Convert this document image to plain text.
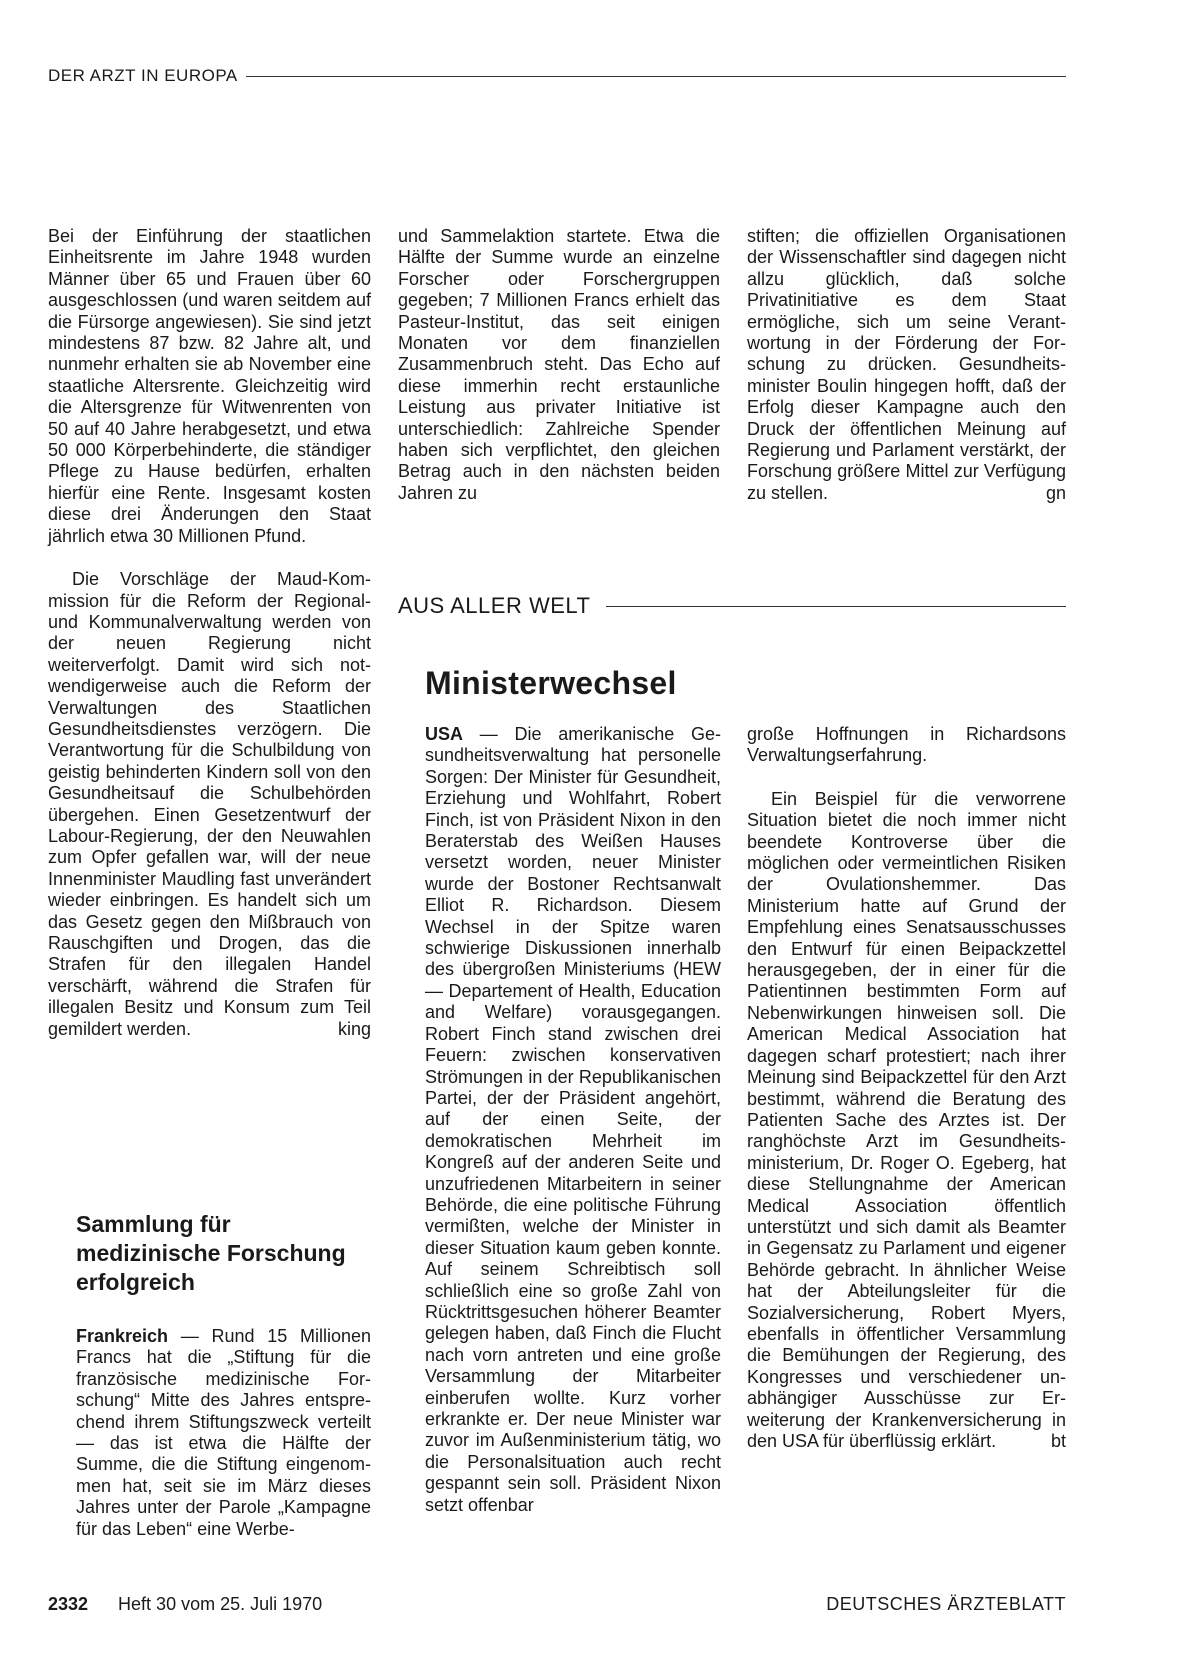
DER ARZT IN EUROPA

Bei der Einführung der staatlichen Einheitsrente im Jahre 1948 wurden Männer über 65 und Frauen über 60 ausgeschlossen (und waren seitdem auf die Fürsorge angewiesen). Sie sind jetzt mindestens 87 bzw. 82 Jahre alt, und nunmehr erhalten sie ab November eine staatliche Altersrente. Gleichzeitig wird die Altersgrenze für Witwenrenten von 50 auf 40 Jahre herabgesetzt, und etwa 50 000 Körperbehinderte, die ständiger Pflege zu Hause bedürfen, erhalten hierfür eine Rente. Insgesamt kosten diese drei Änderungen den Staat jährlich etwa 30 Millionen Pfund.

Die Vorschläge der Maud-Kommission für die Reform der Regional- und Kommunalverwaltung werden von der neuen Regierung nicht weiterverfolgt. Damit wird sich notwendigerweise auch die Reform der Verwaltungen des Staatlichen Gesundheitsdienstes verzögern. Die Verantwortung für die Schulbildung von geistig behinderten Kindern soll von den Gesundheitsauf die Schulbehörden übergehen. Einen Gesetzentwurf der Labour-Regierung, der den Neuwahlen zum Opfer gefallen war, will der neue Innenminister Maudling fast unverändert wieder einbringen. Es handelt sich um das Gesetz gegen den Mißbrauch von Rauschgiften und Drogen, das die Strafen für den illegalen Handel verschärft, während die Strafen für illegalen Besitz und Konsum zum Teil gemildert werden.	king

Sammlung für medizinische Forschung erfolgreich

Frankreich — Rund 15 Millionen Francs hat die „Stiftung für die französische medizinische Forschung“ Mitte des Jahres entsprechend ihrem Stiftungszweck verteilt — das ist etwa die Hälfte der Summe, die die Stiftung eingenommen hat, seit sie im März dieses Jahres unter der Parole „Kampagne für das Leben“ eine Werbe-

und Sammelaktion startete. Etwa die Hälfte der Summe wurde an einzelne Forscher oder Forschergruppen gegeben; 7 Millionen Francs erhielt das Pasteur-Institut, das seit einigen Monaten vor dem finanziellen Zusammenbruch steht. Das Echo auf diese immerhin recht erstaunliche Leistung aus privater Initiative ist unterschiedlich: Zahlreiche Spender haben sich verpflichtet, den gleichen Betrag auch in den nächsten beiden Jahren zu

stiften; die offiziellen Organisationen der Wissenschaftler sind dagegen nicht allzu glücklich, daß solche Privatinitiative es dem Staat ermögliche, sich um seine Verantwortung in der Förderung der Forschung zu drücken. Gesundheitsminister Boulin hingegen hofft, daß der Erfolg dieser Kampagne auch den Druck der öffentlichen Meinung auf Regierung und Parlament verstärkt, der Forschung größere Mittel zur Verfügung zu stellen.	gn

AUS ALLER WELT
Ministerwechsel

USA — Die amerikanische Gesundheitsverwaltung hat personelle Sorgen: Der Minister für Gesundheit, Erziehung und Wohlfahrt, Robert Finch, ist von Präsident Nixon in den Beraterstab des Weißen Hauses versetzt worden, neuer Minister wurde der Bostoner Rechtsanwalt Elliot R. Richardson. Diesem Wechsel in der Spitze waren schwierige Diskussionen innerhalb des übergroßen Ministeriums (HEW — Departement of Health, Education and Welfare) vorausgegangen. Robert Finch stand zwischen drei Feuern: zwischen konservativen Strömungen in der Republikanischen Partei, der der Präsident angehört, auf der einen Seite, der demokratischen Mehrheit im Kongreß auf der anderen Seite und unzufriedenen Mitarbeitern in seiner Behörde, die eine politische Führung vermißten, welche der Minister in dieser Situation kaum geben konnte. Auf seinem Schreibtisch soll schließlich eine so große Zahl von Rücktrittsgesuchen höherer Beamter gelegen haben, daß Finch die Flucht nach vorn antreten und eine große Versammlung der Mitarbeiter einberufen wollte. Kurz vorher erkrankte er. Der neue Minister war zuvor im Außenministerium tätig, wo die Personalsituation auch recht gespannt sein soll. Präsident Nixon setzt offenbar

große Hoffnungen in Richardsons Verwaltungserfahrung.

Ein Beispiel für die verworrene Situation bietet die noch immer nicht beendete Kontroverse über die möglichen oder vermeintlichen Risiken der Ovulationshemmer. Das Ministerium hatte auf Grund der Empfehlung eines Senatsausschusses den Entwurf für einen Beipackzettel herausgegeben, der in einer für die Patientinnen bestimmten Form auf Nebenwirkungen hinweisen soll. Die American Medical Association hat dagegen scharf protestiert; nach ihrer Meinung sind Beipackzettel für den Arzt bestimmt, während die Beratung des Patienten Sache des Arztes ist. Der ranghöchste Arzt im Gesundheitsministerium, Dr. Roger O. Egeberg, hat diese Stellungnahme der American Medical Association öffentlich unterstützt und sich damit als Beamter in Gegensatz zu Parlament und eigener Behörde gebracht. In ähnlicher Weise hat der Abteilungsleiter für die Sozialversicherung, Robert Myers, ebenfalls in öffentlicher Versammlung die Bemühungen der Regierung, des Kongresses und verschiedener unabhängiger Ausschüsse zur Erweiterung der Krankenversicherung in den USA für überflüssig erklärt.	bt

2332 Heft 30 vom 25. Juli 1970	DEUTSCHES ÄRZTEBLATT
